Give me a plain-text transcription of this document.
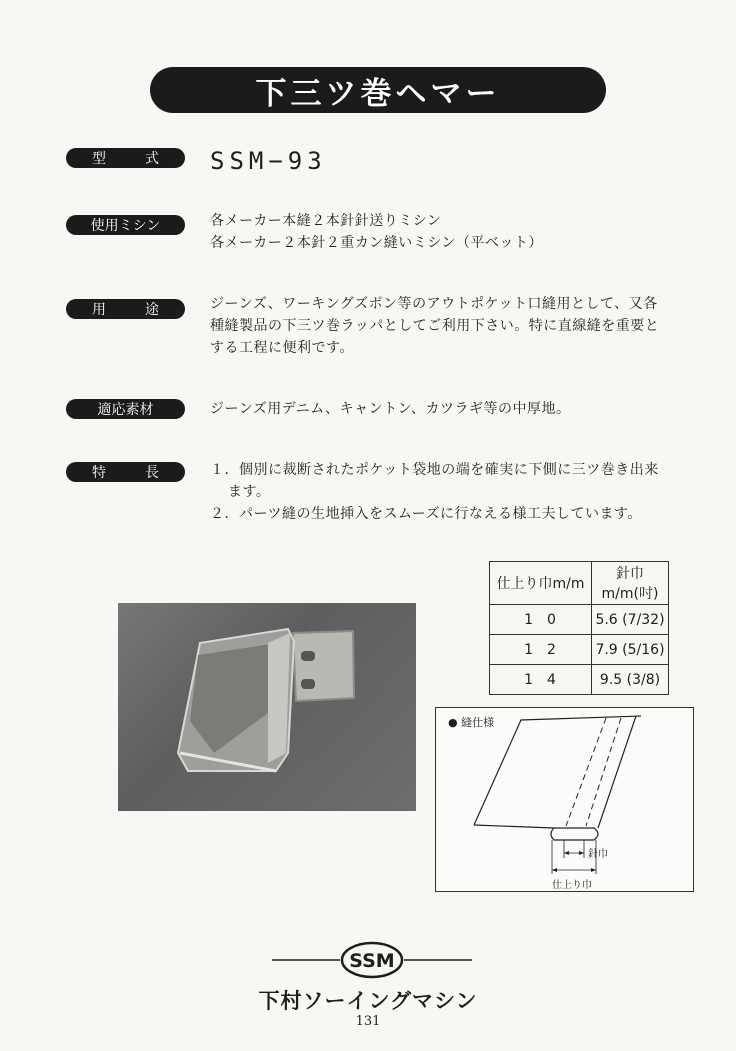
下三ツ巻ヘマー
型	式 SSM−93
使用ミシン	各メーカー本縫２本針針送りミシン
各メーカー２本針２重カン縫いミシン（平ベット）
用	途	ジーンズ、ワーキングズボン等のアウトポケット口縫用として、又各
種縫製品の下三ツ巻ラッパとしてご利用下さい。特に直線縫を重要と
する工程に便利です。
適応素材	ジーンズ用デニム、キャントン、カツラギ等の中厚地。
特	長	１．個別に裁断されたポケット袋地の端を確実に下側に三ツ巻き出来
ます。
２．パーツ縫の生地挿入をスムーズに行なえる様工夫しています。
仕上り巾m/m	針巾m/m(吋)
10	5.6 (7/32)
12	7.9 (5/16)
14	9.5 (3/8)
● 縫仕様
針巾
仕上り巾
SSM
下村ソーイングマシン
131
